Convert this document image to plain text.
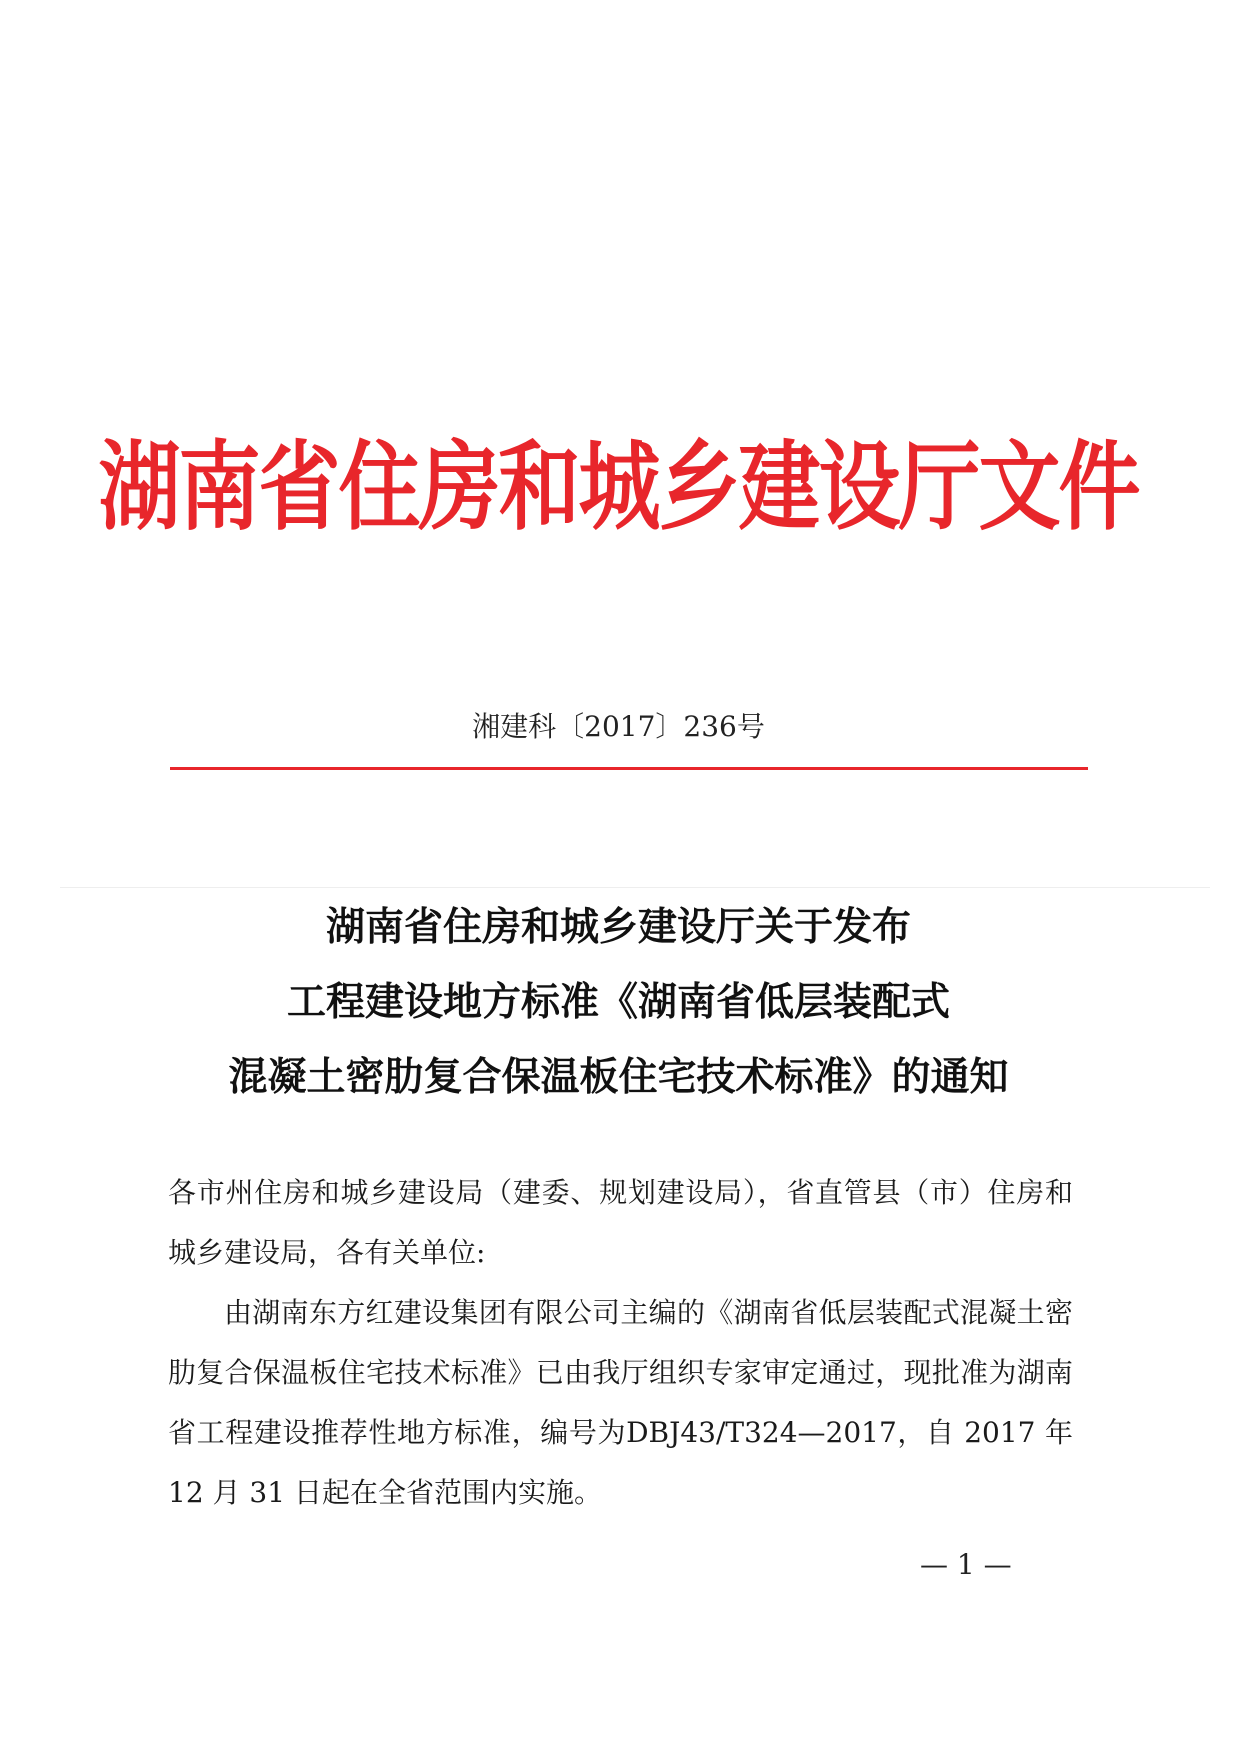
湖南省住房和城乡建设厅文件
湘建科〔2017〕236号
湖南省住房和城乡建设厅关于发布
工程建设地方标准《湖南省低层装配式
混凝土密肋复合保温板住宅技术标准》的通知

各市州住房和城乡建设局（建委、规划建设局），省直管县（市）住房和城乡建设局，各有关单位:

由湖南东方红建设集团有限公司主编的《湖南省低层装配式混凝土密肋复合保温板住宅技术标准》已由我厅组织专家审定通过，现批准为湖南省工程建设推荐性地方标准，编号为DBJ43/T324—2017，自 2017 年 12 月 31 日起在全省范围内实施。

— 1 —
